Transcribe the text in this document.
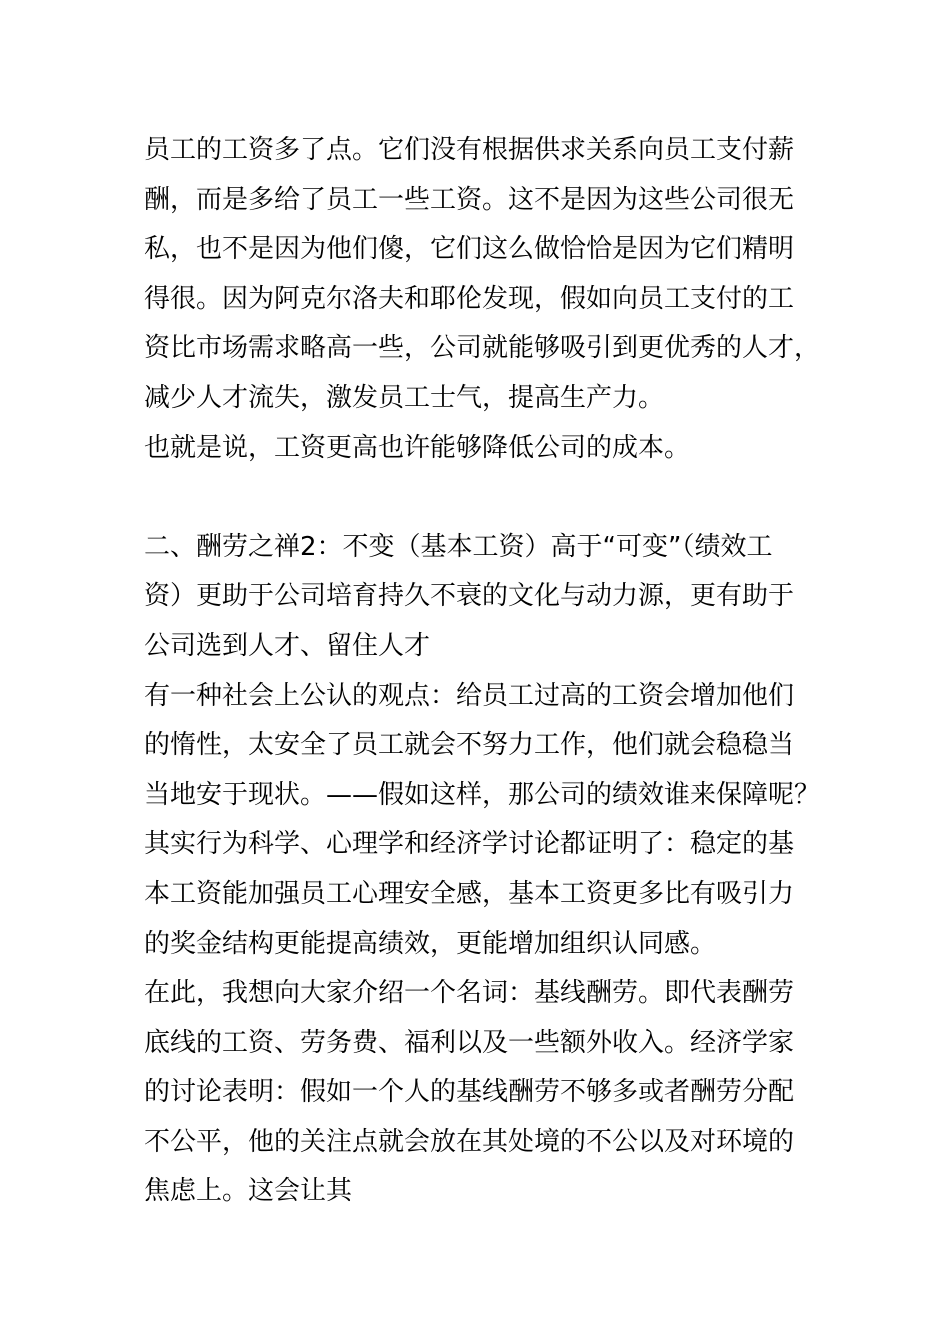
员工的工资多了点。它们没有根据供求关系向员工支付薪
酬，而是多给了员工一些工资。这不是因为这些公司很无
私，也不是因为他们傻，它们这么做恰恰是因为它们精明
得很。因为阿克尔洛夫和耶伦发现，假如向员工支付的工
资比市场需求略高一些，公司就能够吸引到更优秀的人才，
减少人才流失，激发员工士气，提高生产力。
也就是说，工资更高也许能够降低公司的成本。
二、酬劳之禅2：不变（基本工资）高于“可变”（绩效工
资）更助于公司培育持久不衰的文化与动力源，更有助于
公司选到人才、留住人才
有一种社会上公认的观点：给员工过高的工资会增加他们
的惰性，太安全了员工就会不努力工作，他们就会稳稳当
当地安于现状。——假如这样，那公司的绩效谁来保障呢？
其实行为科学、心理学和经济学讨论都证明了：稳定的基
本工资能加强员工心理安全感，基本工资更多比有吸引力
的奖金结构更能提高绩效，更能增加组织认同感。
在此，我想向大家介绍一个名词：基线酬劳。即代表酬劳
底线的工资、劳务费、福利以及一些额外收入。经济学家
的讨论表明：假如一个人的基线酬劳不够多或者酬劳分配
不公平，他的关注点就会放在其处境的不公以及对环境的
焦虑上。这会让其
